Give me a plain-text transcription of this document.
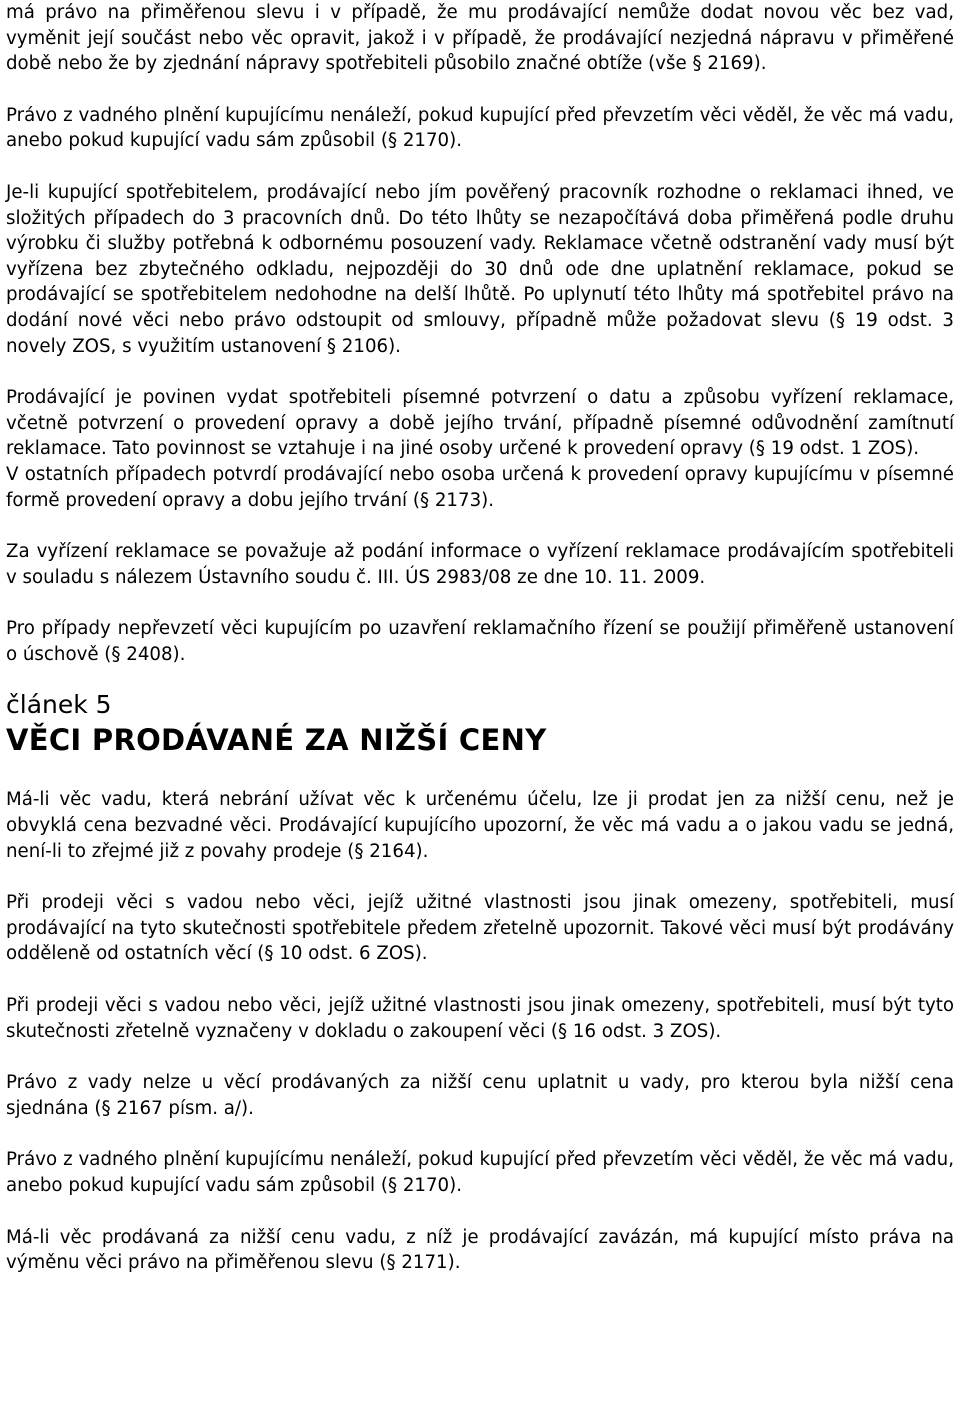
má právo na přiměřenou slevu i v případě, že mu prodávající nemůže dodat novou věc bez vad, vyměnit její součást nebo věc opravit, jakož i v případě, že prodávající nezjedná nápravu v přiměřené době nebo že by zjednání nápravy spotřebiteli působilo značné obtíže (vše § 2169).

Právo z vadného plnění kupujícímu nenáleží, pokud kupující před převzetím věci věděl, že věc má vadu, anebo pokud kupující vadu sám způsobil (§ 2170).

Je-li kupující spotřebitelem, prodávající nebo jím pověřený pracovník rozhodne o reklamaci ihned, ve složitých případech do 3 pracovních dnů. Do této lhůty se nezapočítává doba přiměřená podle druhu výrobku či služby potřebná k odbornému posouzení vady. Reklamace včetně odstranění vady musí být vyřízena bez zbytečného odkladu, nejpozději do 30 dnů ode dne uplatnění reklamace, pokud se prodávající se spotřebitelem nedohodne na delší lhůtě. Po uplynutí této lhůty má spotřebitel právo na dodání nové věci nebo právo odstoupit od smlouvy, případně může požadovat slevu (§ 19 odst. 3 novely ZOS, s využitím ustanovení § 2106).

Prodávající je povinen vydat spotřebiteli písemné potvrzení o datu a způsobu vyřízení reklamace, včetně potvrzení o provedení opravy a době jejího trvání, případně písemné odůvodnění zamítnutí reklamace. Tato povinnost se vztahuje i na jiné osoby určené k provedení opravy (§ 19 odst. 1 ZOS).

V ostatních případech potvrdí prodávající nebo osoba určená k provedení opravy kupujícímu v písemné formě provedení opravy a dobu jejího trvání (§ 2173).

Za vyřízení reklamace se považuje až podání informace o vyřízení reklamace prodávajícím spotřebiteli v souladu s nálezem Ústavního soudu č. III. ÚS 2983/08 ze dne 10. 11. 2009.

Pro případy nepřevzetí věci kupujícím po uzavření reklamačního řízení se použijí přiměřeně ustanovení o úschově (§ 2408).

článek 5
VĚCI PRODÁVANÉ ZA NIŽŠÍ CENY

Má-li věc vadu, která nebrání užívat věc k určenému účelu, lze ji prodat jen za nižší cenu, než je obvyklá cena bezvadné věci. Prodávající kupujícího upozorní, že věc má vadu a o jakou vadu se jedná, není-li to zřejmé již z povahy prodeje (§ 2164).

Při prodeji věci s vadou nebo věci, jejíž užitné vlastnosti jsou jinak omezeny, spotřebiteli, musí prodávající na tyto skutečnosti spotřebitele předem zřetelně upozornit. Takové věci musí být prodávány odděleně od ostatních věcí (§ 10 odst. 6 ZOS).

Při prodeji věci s vadou nebo věci, jejíž užitné vlastnosti jsou jinak omezeny, spotřebiteli, musí být tyto skutečnosti zřetelně vyznačeny v dokladu o zakoupení věci (§ 16 odst. 3 ZOS).

Právo z vady nelze u věcí prodávaných za nižší cenu uplatnit u vady, pro kterou byla nižší cena sjednána (§ 2167 písm. a/).

Právo z vadného plnění kupujícímu nenáleží, pokud kupující před převzetím věci věděl, že věc má vadu, anebo pokud kupující vadu sám způsobil (§ 2170).

Má-li věc prodávaná za nižší cenu vadu, z níž je prodávající zavázán, má kupující místo práva na výměnu věci právo na přiměřenou slevu (§ 2171).
